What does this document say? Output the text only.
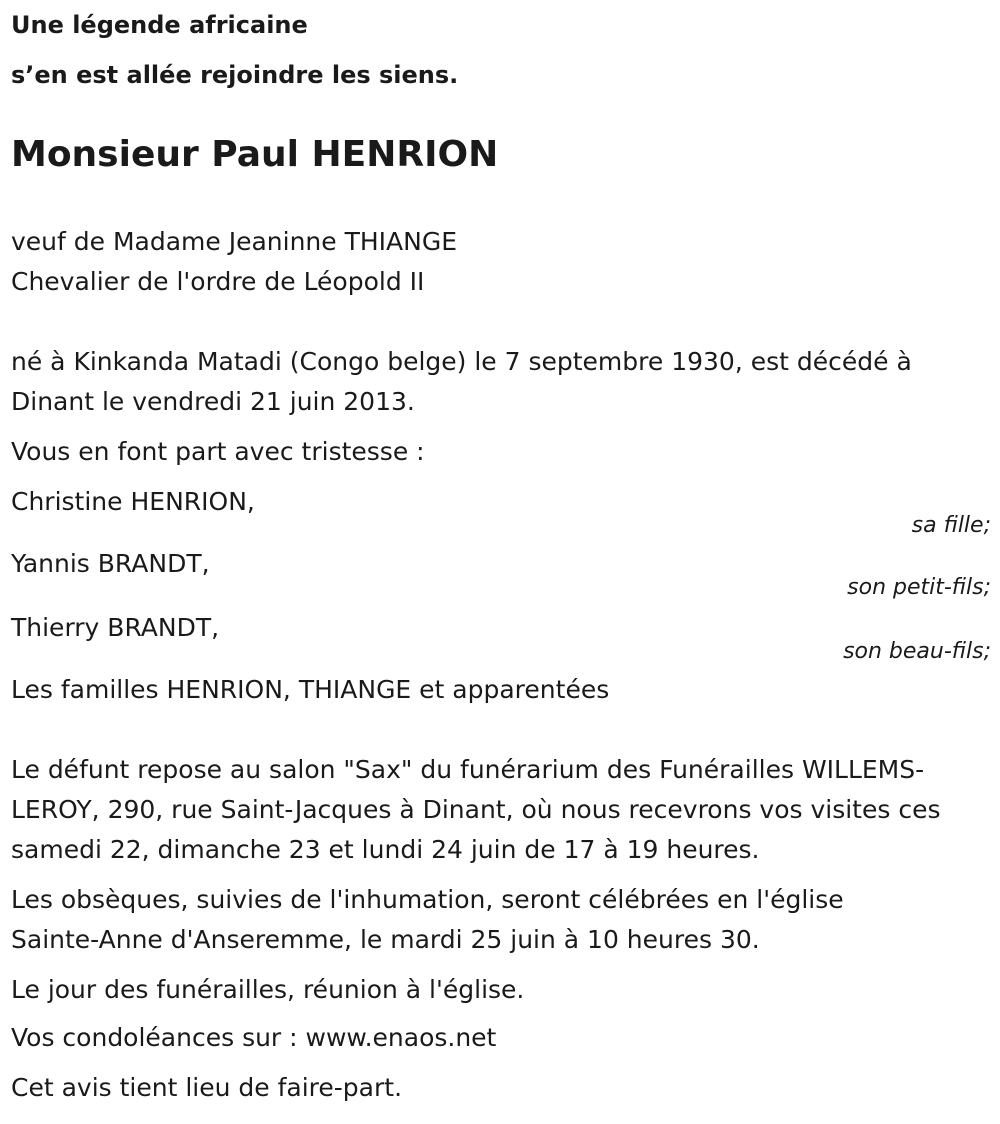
Une légende africaine
s’en est allée rejoindre les siens.
Monsieur Paul HENRION
veuf de Madame Jeaninne THIANGE
Chevalier de l'ordre de Léopold II
né à Kinkanda Matadi (Congo belge) le 7 septembre 1930, est décédé à
Dinant le vendredi 21 juin 2013.
Vous en font part avec tristesse :
Christine HENRION,
sa fille;
Yannis BRANDT,
son petit-fils;
Thierry BRANDT,
son beau-fils;
Les familles HENRION, THIANGE et apparentées
Le défunt repose au salon "Sax" du funérarium des Funérailles WILLEMS-
LEROY, 290, rue Saint-Jacques à Dinant, où nous recevrons vos visites ces
samedi 22, dimanche 23 et lundi 24 juin de 17 à 19 heures.
Les obsèques, suivies de l'inhumation, seront célébrées en l'église
Sainte-Anne d'Anseremme, le mardi 25 juin à 10 heures 30.
Le jour des funérailles, réunion à l'église.
Vos condoléances sur : www.enaos.net
Cet avis tient lieu de faire-part.
